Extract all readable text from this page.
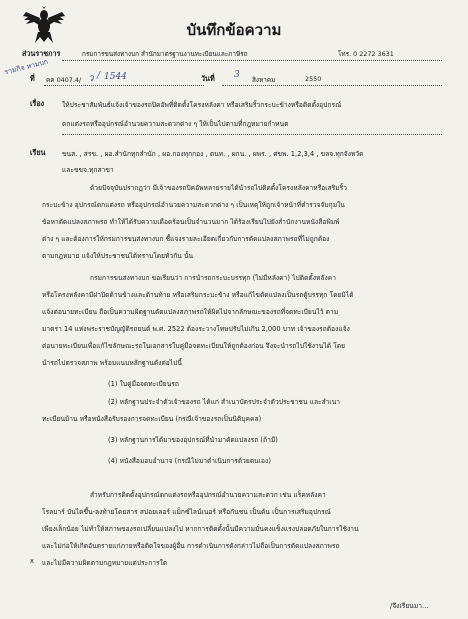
รามกิจ หามบก
บันทึกข้อความ
ส่วนราชการ	กรมการขนส่งทางบก สำนักมาตรฐานงานทะเบียนและภาษีรถ	โทร. 0 2272 3631
ที่ คค 0407.4/ ว / 1544	วันที่ 3 สิงหาคม	2550
เรื่อง	ให้ประชาสัมพันธ์แจ้งเจ้าของรถปิคอัพที่ติดตั้งโครงหลังคา หรือเสริมริ้วกระบะข้างหรือติดตั้งอุปกรณ์
ตกแต่งรถหรืออุปกรณ์อำนวยความสะดวกต่าง ๆ ให้เป็นไปตามที่กฎหมายกำหนด
เรียน	ขนส. , สรข. , ผอ.สำนักทุกสำนัก , ผอ.กองทุกกอง , ตนท. , ผกน. , ผพร. , ศขพ. 1,2,3,4 , ขลจ.ทุกจังหวัด
และขขจ.ทุกสาขา
ด้วยปัจจุบันปรากฏว่า มีเจ้าของรถปิคอัพหลายรายได้นำรถไปติดตั้งโครงหลังคาหรือเสริมริ้ว
กระบะข้าง อุปกรณ์ตกแต่งรถ หรืออุปกรณ์อำนวยความสะดวกต่าง ๆ เป็นเหตุให้ถูกเจ้าหน้าที่ตำรวจจับกุมใน
ข้อหาดัดแปลงสภาพรถ ทำให้ได้รับความเดือดร้อนเป็นจำนวนมาก ได้ร้องเรียนไปยังสำนักงานหนังสือพิมพ์
ต่าง ๆ และต้องการให้กรมการขนส่งทางบก ชี้แจงรายละเอียดเกี่ยวกับการดัดแปลงสภาพรถที่ไม่ถูกต้อง
ตามกฎหมาย แจ้งให้ประชาชนได้ทราบโดยทั่วกัน นั้น
กรมการขนส่งทางบก ขอเรียนว่า การนำรถกระบะบรรทุก (ไม่มีหลังคา) ไปติดตั้งหลังคา
หรือโครงหลังคามีฝาปิดด้านข้างและด้านท้าย หรือเสริมกระบะข้าง หรือแก้ไขดัดแปลงเป็นรถตู้บรรทุก โดยมิได้
แจ้งต่อนายทะเบียน ถือเป็นความผิดฐานดัดแปลงสภาพรถให้ผิดไปจากลักษณะของรถที่จดทะเบียนไว้ ตาม
มาตรา 14 แห่งพระราชบัญญัติรถยนต์ พ.ศ. 2522 ต้องระวางโทษปรับไม่เกิน 2,000 บาท เจ้าของรถต้องแจ้ง
ต่อนายทะเบียนเพื่อแก้ไขลักษณะรถในเอกสารใบคู่มือจดทะเบียนให้ถูกต้องก่อน จึงจะนำรถไปใช้งานได้ โดย
นำรถไปตรวจสภาพ พร้อมแนบหลักฐานดังต่อไปนี้
(1) ใบคู่มือจดทะเบียนรถ
(2) หลักฐานประจำตัวเจ้าของรถ ได้แก่ สำเนาบัตรประจำตัวประชาชน และสำเนา
ทะเบียนบ้าน หรือหนังสือรับรองการจดทะเบียน (กรณีเจ้าของรถเป็นนิติบุคคล)
(3) หลักฐานการได้มาของอุปกรณ์ที่นำมาดัดแปลงรถ (ถ้ามี)
(4) หนังสือมอบอำนาจ (กรณีไม่มาดำเนินการด้วยตนเอง)
สำหรับการติดตั้งอุปกรณ์ตกแต่งรถหรืออุปกรณ์อำนวยความสะดวก เช่น แร็คหลังคา
โรลบาร์ บันไดขึ้น-ลงท้ายโดยสาร สปอยเลอร์ แม็กซ์ไลน์เนอร์ หรือกันชน เป็นต้น เป็นการเสริมอุปกรณ์
เพียงเล็กน้อย ไม่ทำให้สภาพของรถเปลี่ยนแปลงไป หากการติดตั้งนั้นมีความมั่นคงแข็งแรงปลอดภัยในการใช้งาน
และไม่ก่อให้เกิดอันตรายแก่ภายหรือติดใจของผู้อื่น การดำเนินการดังกล่าวไม่ถือเป็นการดัดแปลงสภาพรถ
และไม่มีความผิดตามกฎหมายแต่ประการใด
x
/จึงเรียนมา...
